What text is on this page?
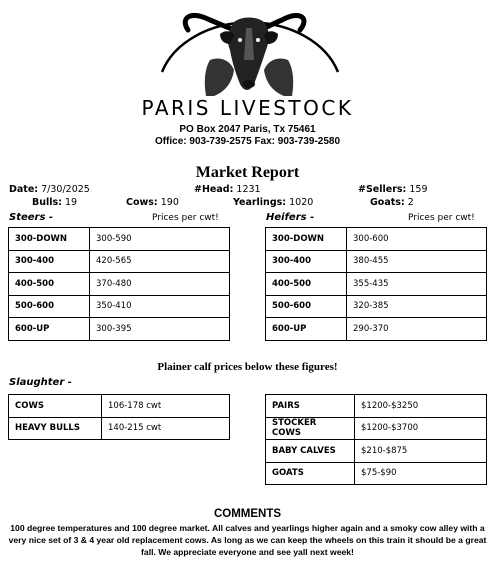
PARIS LIVESTOCK
PO Box 2047 Paris, Tx 75461
Office: 903-739-2575 Fax: 903-739-2580
Market Report
Date: 7/30/2025	#Head: 1231	#Sellers: 159
Bulls: 19	Cows: 190	Yearlings: 1020	Goats: 2
Steers -	Prices per cwt!
300-DOWN	300-590
300-400	420-565
400-500	370-480
500-600	350-410
600-UP	300-395
Heifers -	Prices per cwt!
300-DOWN	300-600
300-400	380-455
400-500	355-435
500-600	320-385
600-UP	290-370
Plainer calf prices below these figures!
Slaughter -
COWS	106-178 cwt
HEAVY BULLS	140-215 cwt
PAIRS	$1200-$3250
STOCKER COWS	$1200-$3700
BABY CALVES	$210-$875
GOATS	$75-$90
COMMENTS
100 degree temperatures and 100 degree market. All calves and yearlings higher again and a smoky cow alley with a very nice set of 3 & 4 year old replacement cows. As long as we can keep the wheels on this train it should be a great fall. We appreciate everyone and see yall next week!
